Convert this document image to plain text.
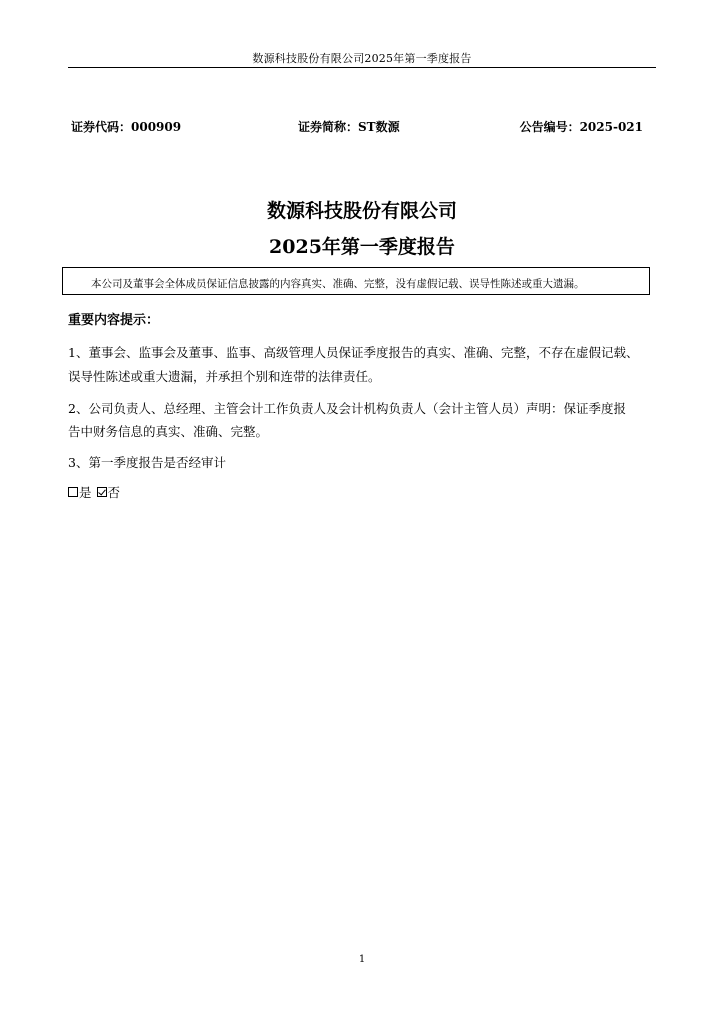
数源科技股份有限公司2025年第一季度报告
证券代码：000909	证券简称：ST数源	公告编号：2025-021
数源科技股份有限公司
2025年第一季度报告
本公司及董事会全体成员保证信息披露的内容真实、准确、完整，没有虚假记载、误导性陈述或重大遗漏。
重要内容提示：
1、董事会、监事会及董事、监事、高级管理人员保证季度报告的真实、准确、完整，不存在虚假记载、
误导性陈述或重大遗漏，并承担个别和连带的法律责任。
2、公司负责人、总经理、主管会计工作负责人及会计机构负责人（会计主管人员）声明：保证季度报
告中财务信息的真实、准确、完整。
3、第一季度报告是否经审计
是 否
1
